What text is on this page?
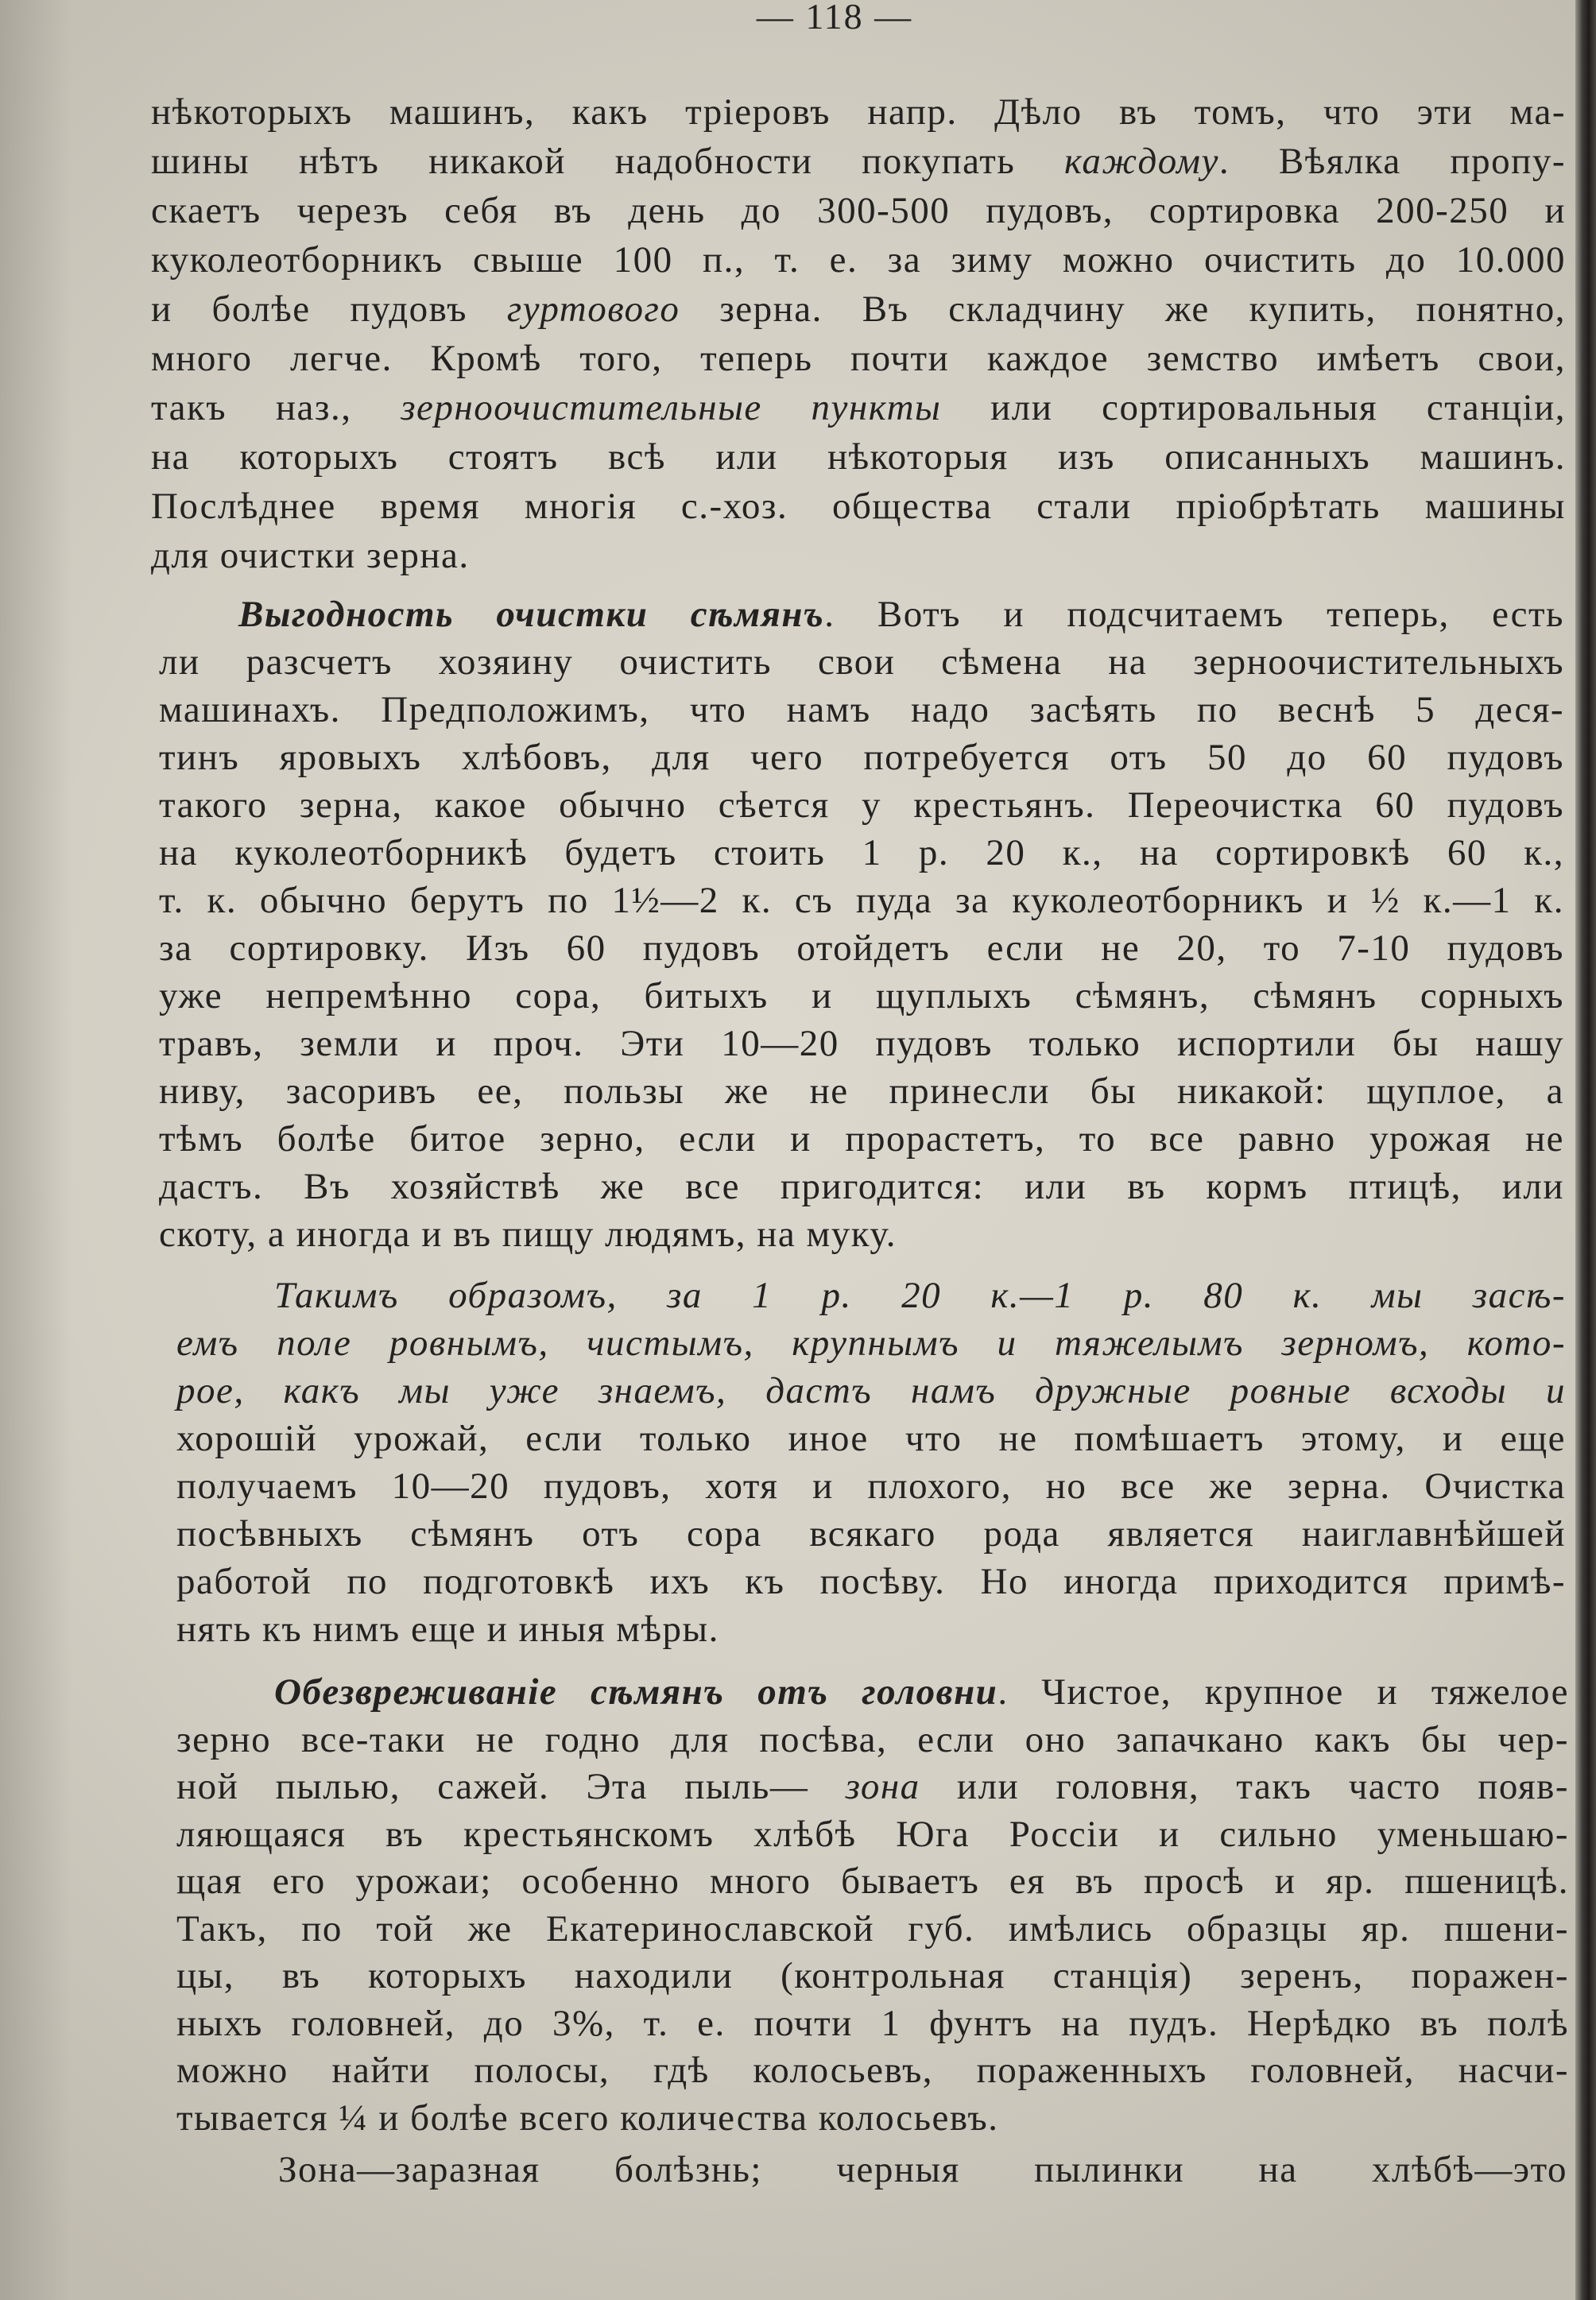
— 118 —
нѣкоторыхъ машинъ, какъ тріеровъ напр. Дѣло въ томъ, что эти ма-
шины нѣтъ никакой надобности покупать каждому. Вѣялка пропу-
скаетъ черезъ себя въ день до 300-500 пудовъ, сортировка 200-250 и
куколеотборникъ свыше 100 п., т. е. за зиму можно очистить до 10.000
и болѣе пудовъ гуртового зерна. Въ складчину же купить, понятно,
много легче. Кромѣ того, теперь почти каждое земство имѣетъ свои,
такъ наз., зерноочистительные пункты или сортировальныя станціи,
на которыхъ стоятъ всѣ или нѣкоторыя изъ описанныхъ машинъ.
Послѣднее время многія с.-хоз. общества стали пріобрѣтать машины
для очистки зерна.
Выгодность очистки сѣмянъ. Вотъ и подсчитаемъ теперь, есть
ли разсчетъ хозяину очистить свои сѣмена на зерноочистительныхъ
машинахъ. Предположимъ, что намъ надо засѣять по веснѣ 5 деся-
тинъ яровыхъ хлѣбовъ, для чего потребуется отъ 50 до 60 пудовъ
такого зерна, какое обычно сѣется у крестьянъ. Переочистка 60 пудовъ
на куколеотборникѣ будетъ стоить 1 р. 20 к., на сортировкѣ 60 к.,
т. к. обычно берутъ по 1½—2 к. съ пуда за куколеотборникъ и ½ к.—1 к.
за сортировку. Изъ 60 пудовъ отойдетъ если не 20, то 7-10 пудовъ
уже непремѣнно сора, битыхъ и щуплыхъ сѣмянъ, сѣмянъ сорныхъ
травъ, земли и проч. Эти 10—20 пудовъ только испортили бы нашу
ниву, засоривъ ее, пользы же не принесли бы никакой: щуплое, а
тѣмъ болѣе битое зерно, если и прорастетъ, то все равно урожая не
дастъ. Въ хозяйствѣ же все пригодится: или въ кормъ птицѣ, или
скоту, а иногда и въ пищу людямъ, на муку.
Такимъ образомъ, за 1 р. 20 к.—1 р. 80 к. мы засѣ-
емъ поле ровнымъ, чистымъ, крупнымъ и тяжелымъ зерномъ, кото-
рое, какъ мы уже знаемъ, дастъ намъ дружные ровные всходы и
хорошій урожай, если только иное что не помѣшаетъ этому, и еще
получаемъ 10—20 пудовъ, хотя и плохого, но все же зерна. Очистка
посѣвныхъ сѣмянъ отъ сора всякаго рода является наиглавнѣйшей
работой по подготовкѣ ихъ къ посѣву. Но иногда приходится примѣ-
нять къ нимъ еще и иныя мѣры.
Обезвреживаніе сѣмянъ отъ головни. Чистое, крупное и тяжелое
зерно все-таки не годно для посѣва, если оно запачкано какъ бы чер-
ной пылью, сажей. Эта пыль— зона или головня, такъ часто появ-
ляющаяся въ крестьянскомъ хлѣбѣ Юга Россіи и сильно уменьшаю-
щая его урожаи; особенно много бываетъ ея въ просѣ и яр. пшеницѣ.
Такъ, по той же Екатеринославской губ. имѣлись образцы яр. пшени-
цы, въ которыхъ находили (контрольная станція) зеренъ, поражен-
ныхъ головней, до 3%, т. е. почти 1 фунтъ на пудъ. Нерѣдко въ полѣ
можно найти полосы, гдѣ колосьевъ, пораженныхъ головней, насчи-
тывается ¼ и болѣе всего количества колосьевъ.
Зона—заразная болѣзнь; черныя пылинки на хлѣбѣ—это
